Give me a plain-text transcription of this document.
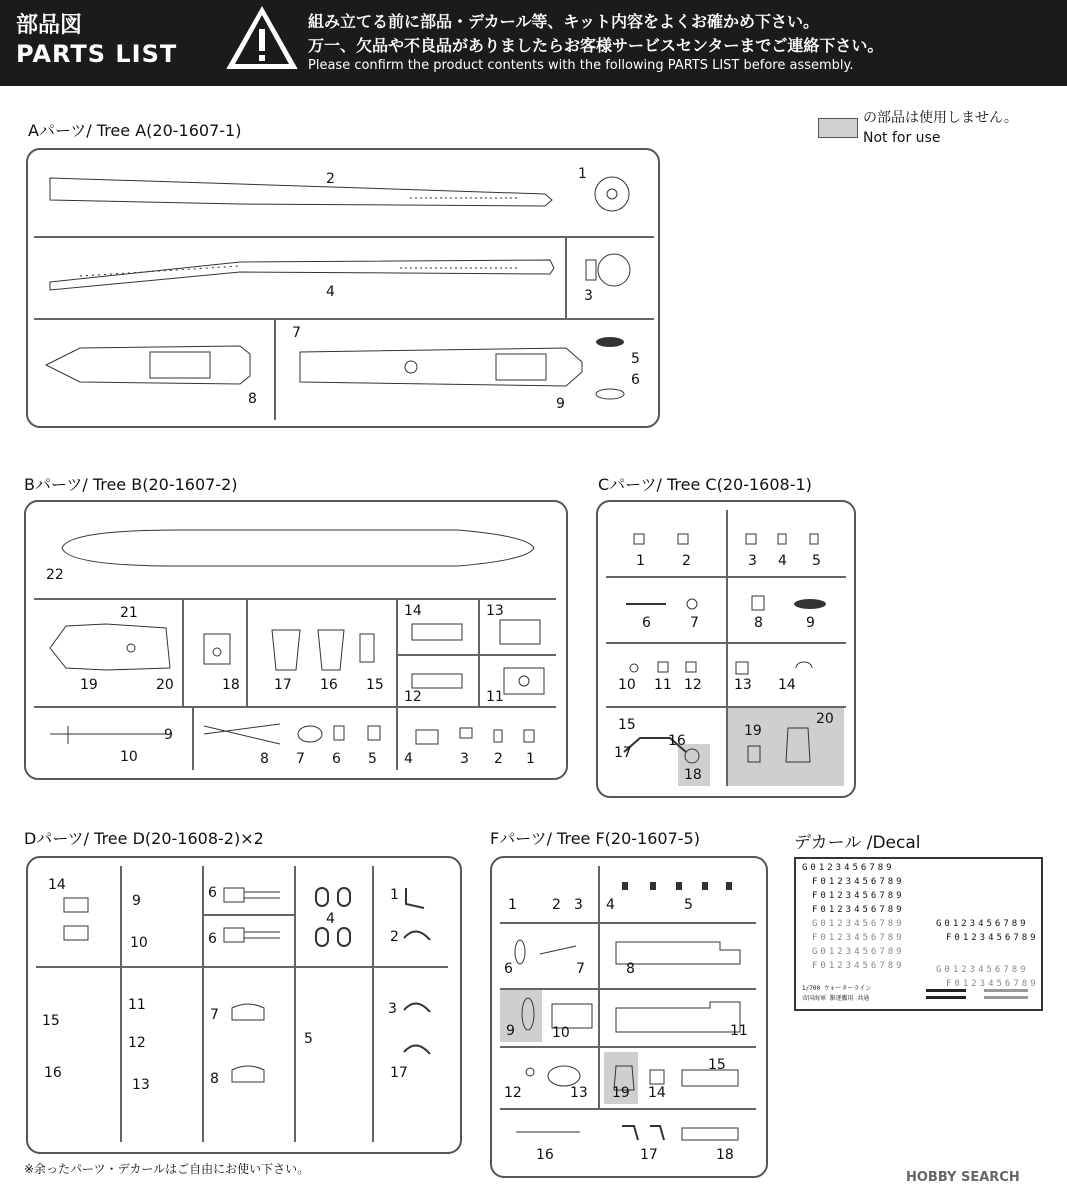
部品図
PARTS LIST
組み立てる前に部品・デカール等、キット内容をよくお確かめ下さい。
万一、欠品や不良品がありましたらお客様サービスセンターまでご連絡下さい。
Please confirm the product contents with the following PARTS LIST before assembly.
の部品は使用しません。
Not for use
Aパーツ/ Tree A(20-1607-1)
2	1
4	3
7
5
6
8	9
Bパーツ/ Tree B(20-1607-2)
22
21
19	20	18 17 16 15
14	13
12	11
10
9
8 7 6 5 4	3 2 1
Cパーツ/ Tree C(20-1608-1)
1	2	3 4 5
6	7	8	9
10 11 12 13 14
15
16
17
18
19
20
Dパーツ/ Tree D(20-1608-2)×2
14
9
10
6
6
4
1
2
15
16
11
12
13
7
8
5
3
17
Fパーツ/ Tree F(20-1607-5)
1	2 3 4	5
6	7	8
9	10	11
12	13 19 14
15
16	17	18
デカール /Decal
G0123456789
F0123456789
F0123456789
F0123456789
G0123456789
F0123456789
G0123456789
F0123456789
G0123456789
F0123456789
G0123456789
F0123456789
1/700 ウォーターライン
帝国海軍 駆逐艦用 共通
※余ったパーツ・デカールはご自由にお使い下さい。
HOBBY SEARCH
